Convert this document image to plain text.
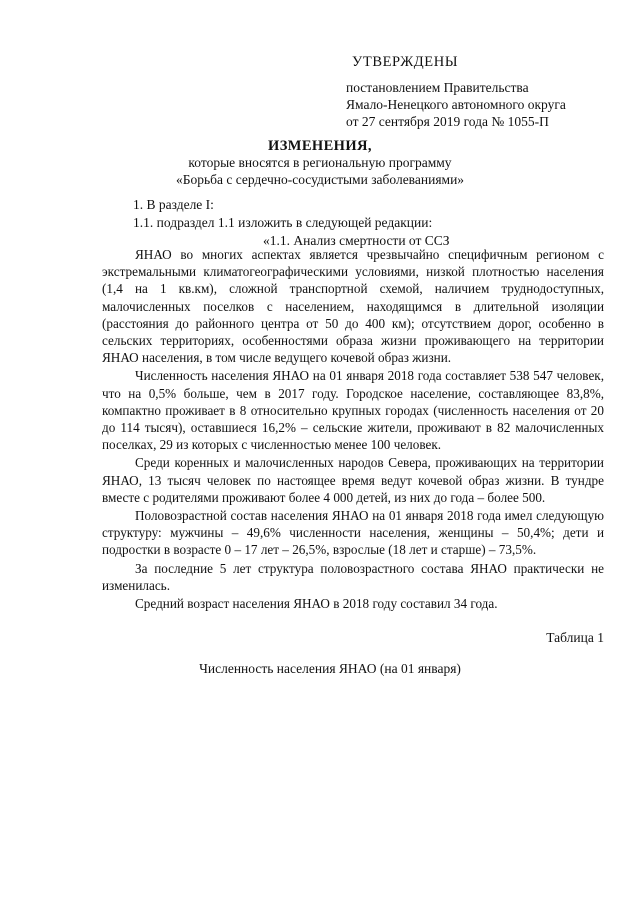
УТВЕРЖДЕНЫ
постановлением Правительства
Ямало-Ненецкого автономного округа
от 27 сентября 2019 года № 1055-П
ИЗМЕНЕНИЯ,
которые вносятся в региональную программу
«Борьба с сердечно-сосудистыми заболеваниями»
1. В разделе I:
1.1. подраздел 1.1 изложить в следующей редакции:
«1.1. Анализ смертности от ССЗ

ЯНАО во многих аспектах является чрезвычайно специфичным регионом с экстремальными климатогеографическими условиями, низкой плотностью населения (1,4 на 1 кв.км), сложной транспортной схемой, наличием труднодоступных, малочисленных поселков с населением, находящимся в длительной изоляции (расстояния до районного центра от 50 до 400 км); отсутствием дорог, особенно в сельских территориях, особенностями образа жизни проживающего на территории ЯНАО населения, в том числе ведущего кочевой образ жизни.

Численность населения ЯНАО на 01 января 2018 года составляет 538 547 человек, что на 0,5% больше, чем в 2017 году. Городское население, составляющее 83,8%, компактно проживает в 8 относительно крупных городах (численность населения от 20 до 114 тысяч), оставшиеся 16,2% – сельские жители, проживают в 82 малочисленных поселках, 29 из которых с численностью менее 100 человек.

Среди коренных и малочисленных народов Севера, проживающих на территории ЯНАО, 13 тысяч человек по настоящее время ведут кочевой образ жизни. В тундре вместе с родителями проживают более 4 000 детей, из них до года – более 500.

Половозрастной состав населения ЯНАО на 01 января 2018 года имел следующую структуру: мужчины – 49,6% численности населения, женщины – 50,4%; дети и подростки в возрасте 0 – 17 лет – 26,5%, взрослые (18 лет и старше) – 73,5%.

За последние 5 лет структура половозрастного состава ЯНАО практически не изменилась.

Средний возраст населения ЯНАО в 2018 году составил 34 года.

Таблица 1
Численность населения ЯНАО (на 01 января)
